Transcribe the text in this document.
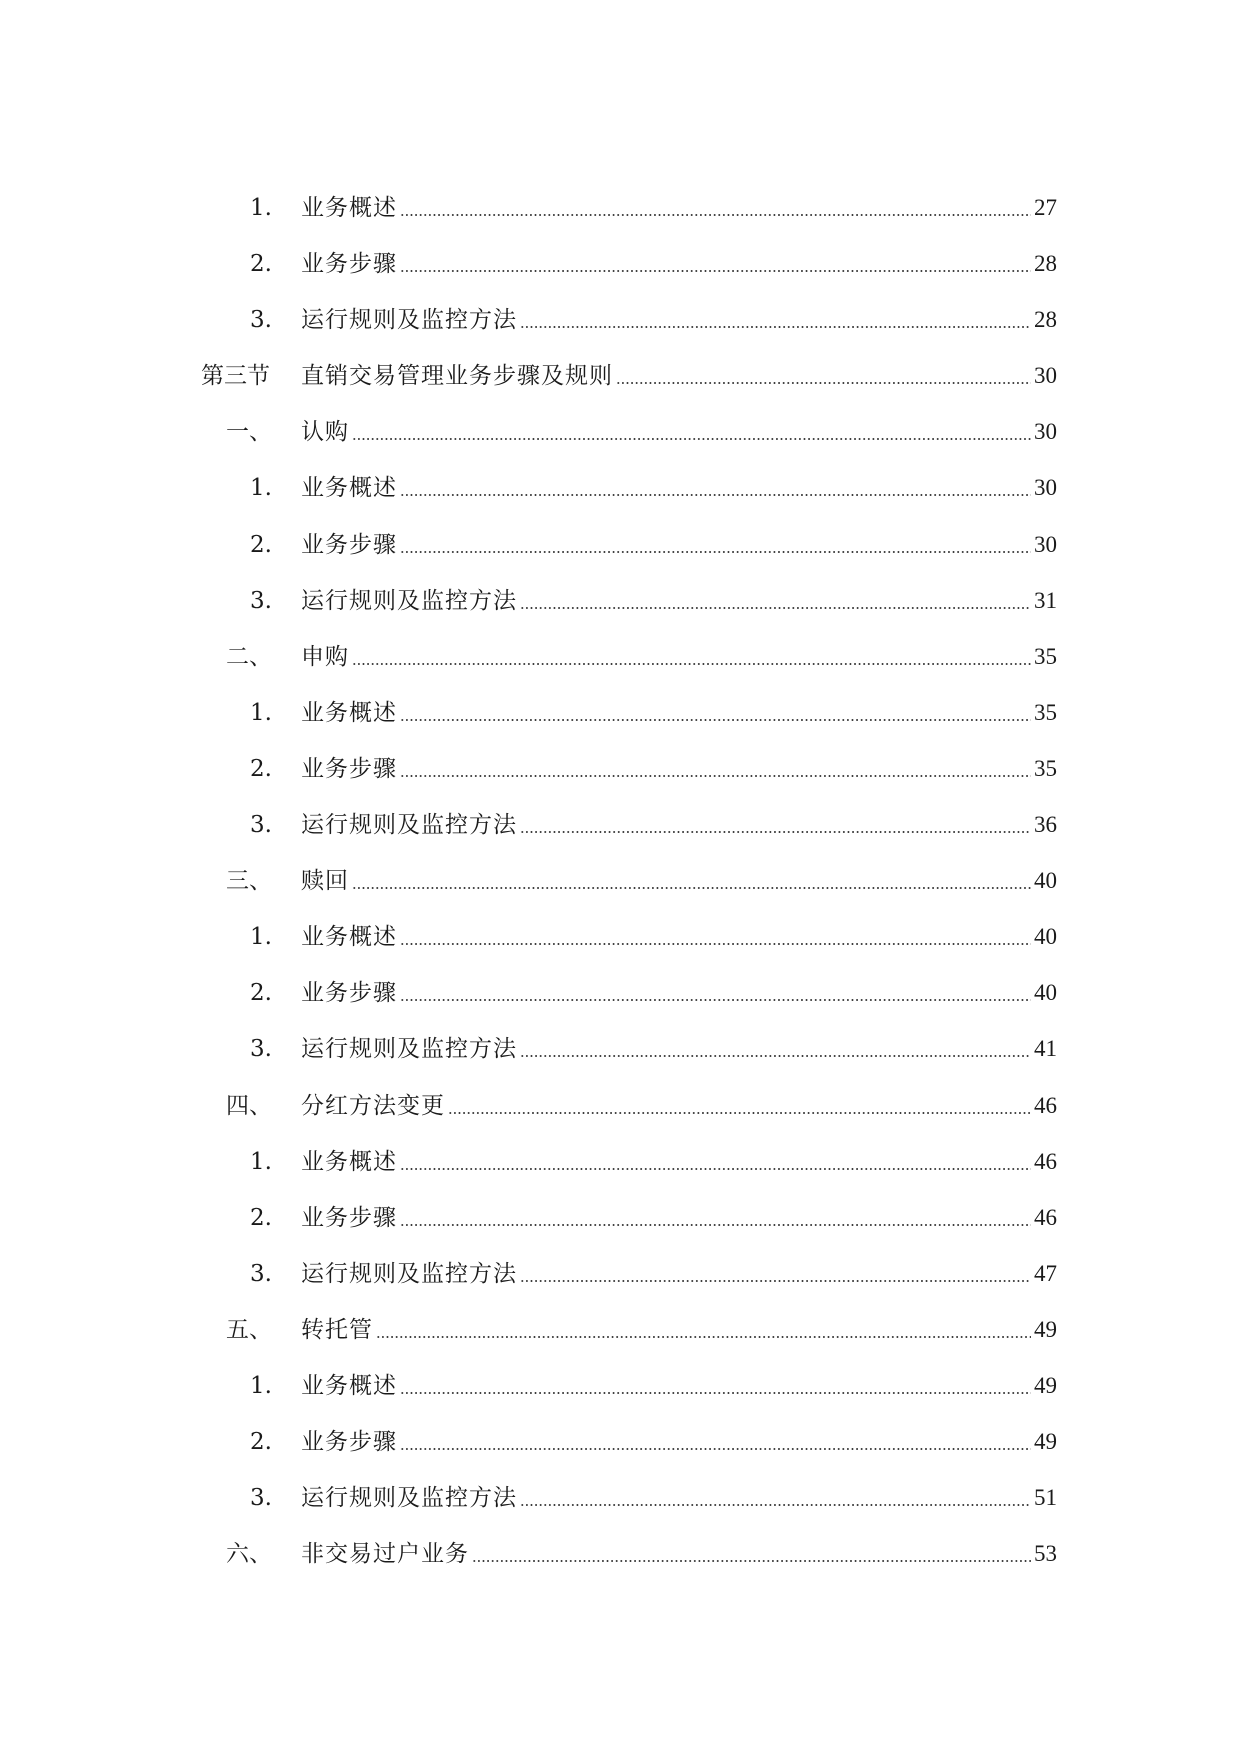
1.	业务概述	27
2.	业务步骤	28
3.	运行规则及监控方法	28
第三节	直销交易管理业务步骤及规则	30
一、	认购	30
1.	业务概述	30
2.	业务步骤	30
3.	运行规则及监控方法	31
二、	申购	35
1.	业务概述	35
2.	业务步骤	35
3.	运行规则及监控方法	36
三、	赎回	40
1.	业务概述	40
2.	业务步骤	40
3.	运行规则及监控方法	41
四、	分红方法变更	46
1.	业务概述	46
2.	业务步骤	46
3.	运行规则及监控方法	47
五、	转托管	49
1.	业务概述	49
2.	业务步骤	49
3.	运行规则及监控方法	51
六、	非交易过户业务	53
